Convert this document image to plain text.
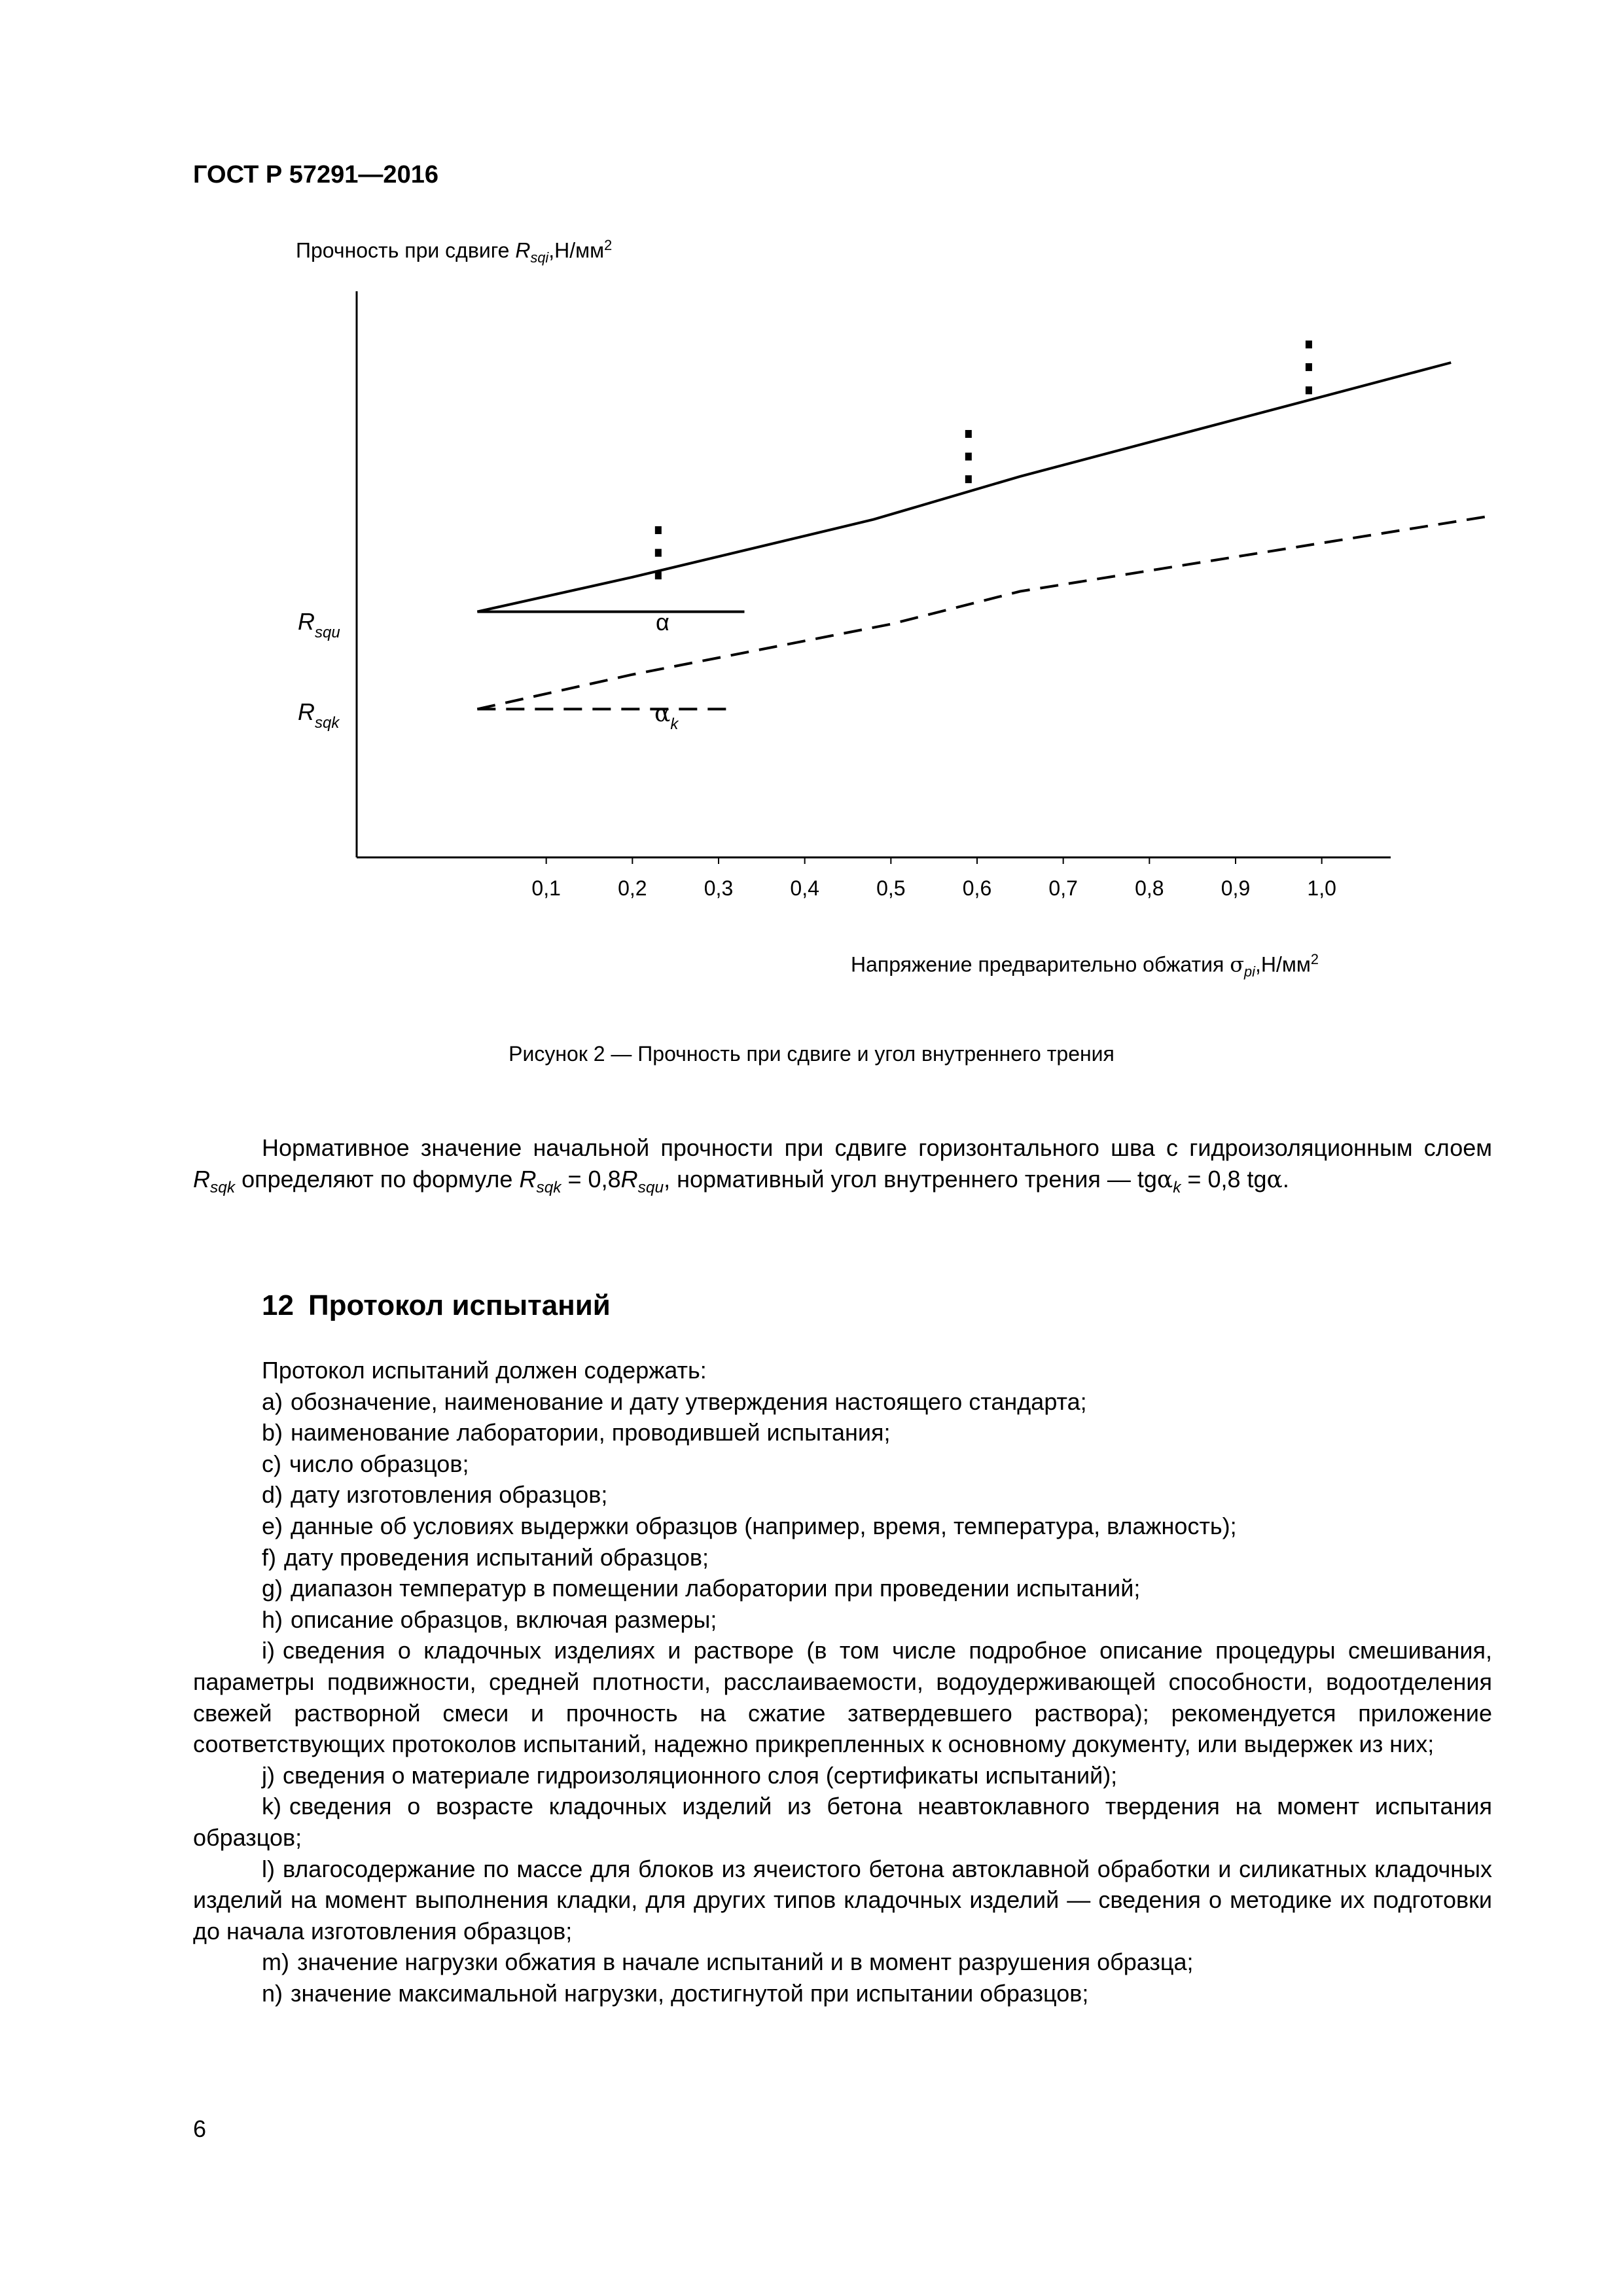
ГОСТ Р 57291—2016
Прочность при сдвиге $R_{sqi},Н/мм^2$
0,1	0,2	0,3	0,4	0,5	0,6	0,7	0,8	0,9	1,0
$R_{squ}$
$R_{sqk}$
α
$\alpha_k$
Напряжение предварительно обжатия $\sigma_{pi},Н/мм^2$
Рисунок 2 — Прочность при сдвиге и угол внутреннего трения
Нормативное значение начальной прочности при сдвиге горизонтального шва с гидроизоляционным слоем $R_{sqk}$ определяют по формуле $R_{sqk} = 0,8R_{squ}$, нормативный угол внутреннего трения — tgα$_k$ = 0,8 tgα.
12 Протокол испытаний
Протокол испытаний должен содержать:
a) обозначение, наименование и дату утверждения настоящего стандарта;
b) наименование лаборатории, проводившей испытания;
c) число образцов;
d) дату изготовления образцов;
e) данные об условиях выдержки образцов (например, время, температура, влажность);
f) дату проведения испытаний образцов;
g) диапазон температур в помещении лаборатории при проведении испытаний;
h) описание образцов, включая размеры;
i) сведения о кладочных изделиях и растворе (в том числе подробное описание процедуры смешивания, параметры подвижности, средней плотности, расслаиваемости, водоудерживающей способности, водоотделения свежей растворной смеси и прочность на сжатие затвердевшего раствора); рекомендуется приложение соответствующих протоколов испытаний, надежно прикрепленных к основному документу, или выдержек из них;
j) сведения о материале гидроизоляционного слоя (сертификаты испытаний);
k) сведения о возрасте кладочных изделий из бетона неавтоклавного твердения на момент испытания образцов;
l) влагосодержание по массе для блоков из ячеистого бетона автоклавной обработки и силикатных кладочных изделий на момент выполнения кладки, для других типов кладочных изделий — сведения о методике их подготовки до начала изготовления образцов;
m) значение нагрузки обжатия в начале испытаний и в момент разрушения образца;
n) значение максимальной нагрузки, достигнутой при испытании образцов;
6
